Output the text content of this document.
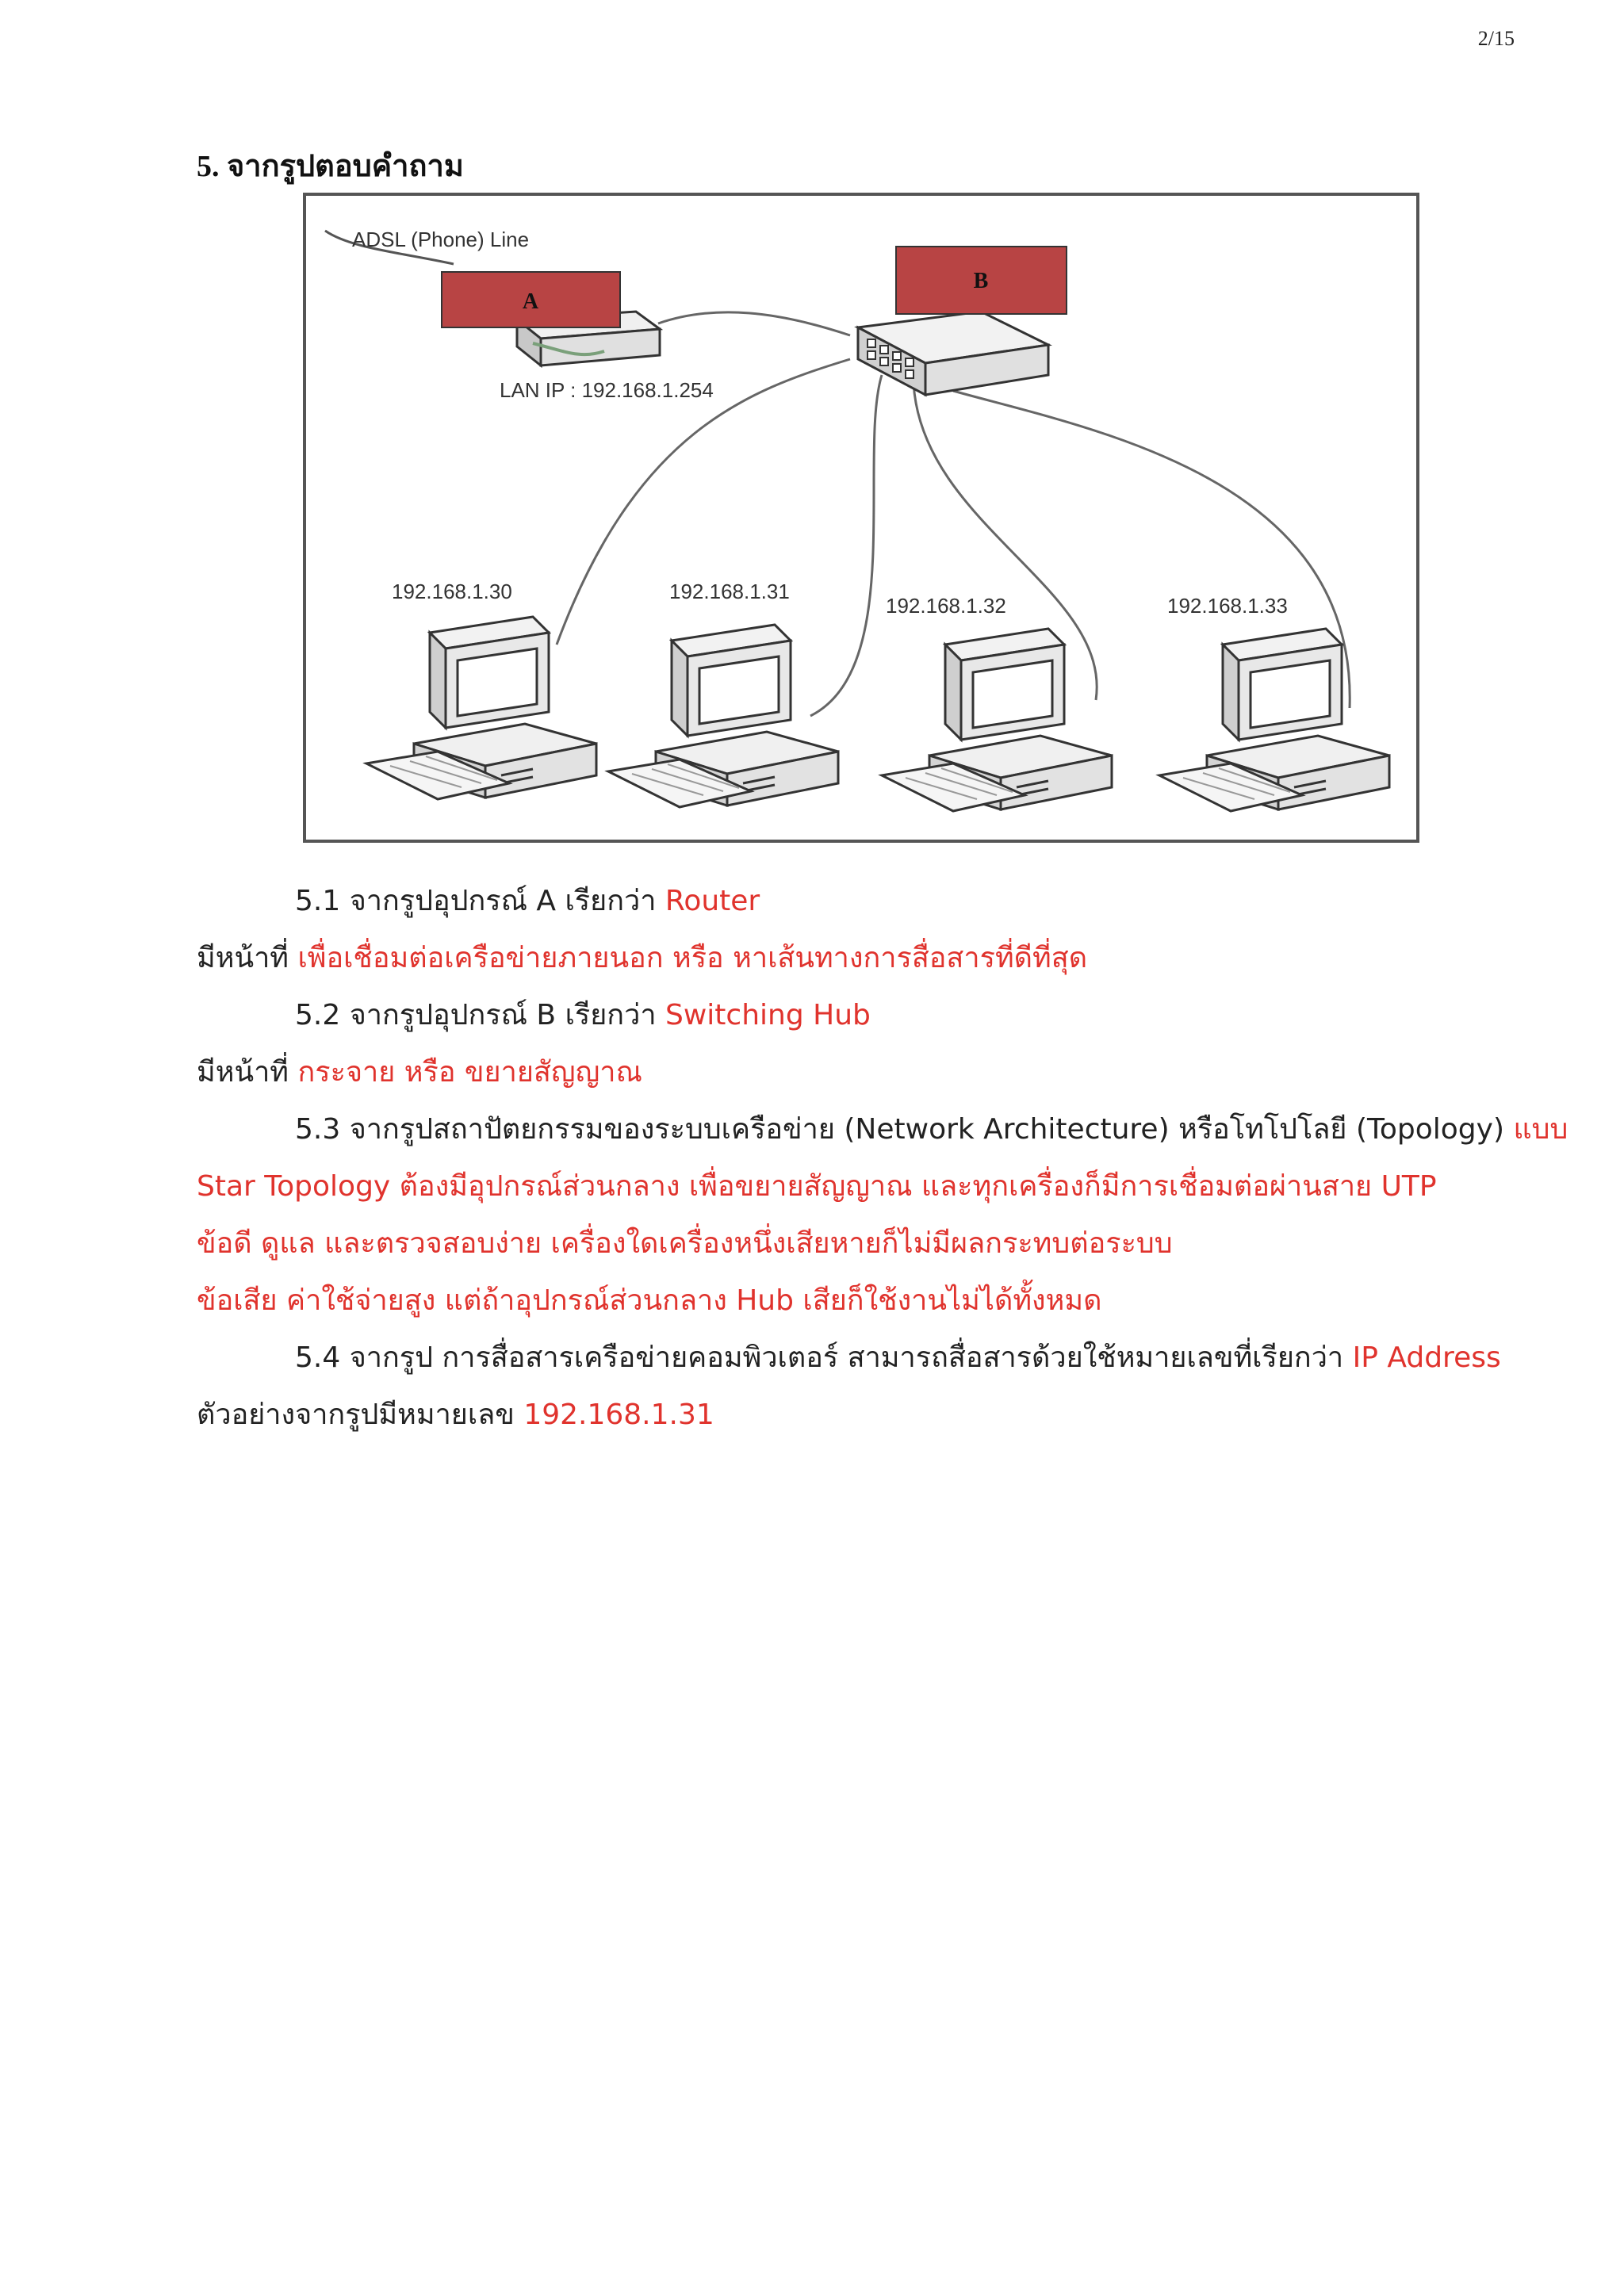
2/15
5. จากรูปตอบคำถาม
ADSL (Phone) Line
A
LAN IP : 192.168.1.254
B
192.168.1.30	192.168.1.31
192.168.1.32	192.168.1.33
5.1 จากรูปอุปกรณ์ A เรียกว่า Router
มีหน้าที่ เพื่อเชื่อมต่อเครือข่ายภายนอก หรือ หาเส้นทางการสื่อสารที่ดีที่สุด
5.2 จากรูปอุปกรณ์ B เรียกว่า Switching Hub
มีหน้าที่ กระจาย หรือ ขยายสัญญาณ
5.3 จากรูปสถาปัตยกรรมของระบบเครือข่าย (Network Architecture) หรือโทโปโลยี (Topology) แบบ
Star Topology ต้องมีอุปกรณ์ส่วนกลาง เพื่อขยายสัญญาณ และทุกเครื่องก็มีการเชื่อมต่อผ่านสาย UTP
ข้อดี ดูแล และตรวจสอบง่าย เครื่องใดเครื่องหนึ่งเสียหายก็ไม่มีผลกระทบต่อระบบ
ข้อเสีย ค่าใช้จ่ายสูง แต่ถ้าอุปกรณ์ส่วนกลาง Hub เสียก็ใช้งานไม่ได้ทั้งหมด
5.4 จากรูป การสื่อสารเครือข่ายคอมพิวเตอร์ สามารถสื่อสารด้วยใช้หมายเลขที่เรียกว่า IP Address
ตัวอย่างจากรูปมีหมายเลข 192.168.1.31
